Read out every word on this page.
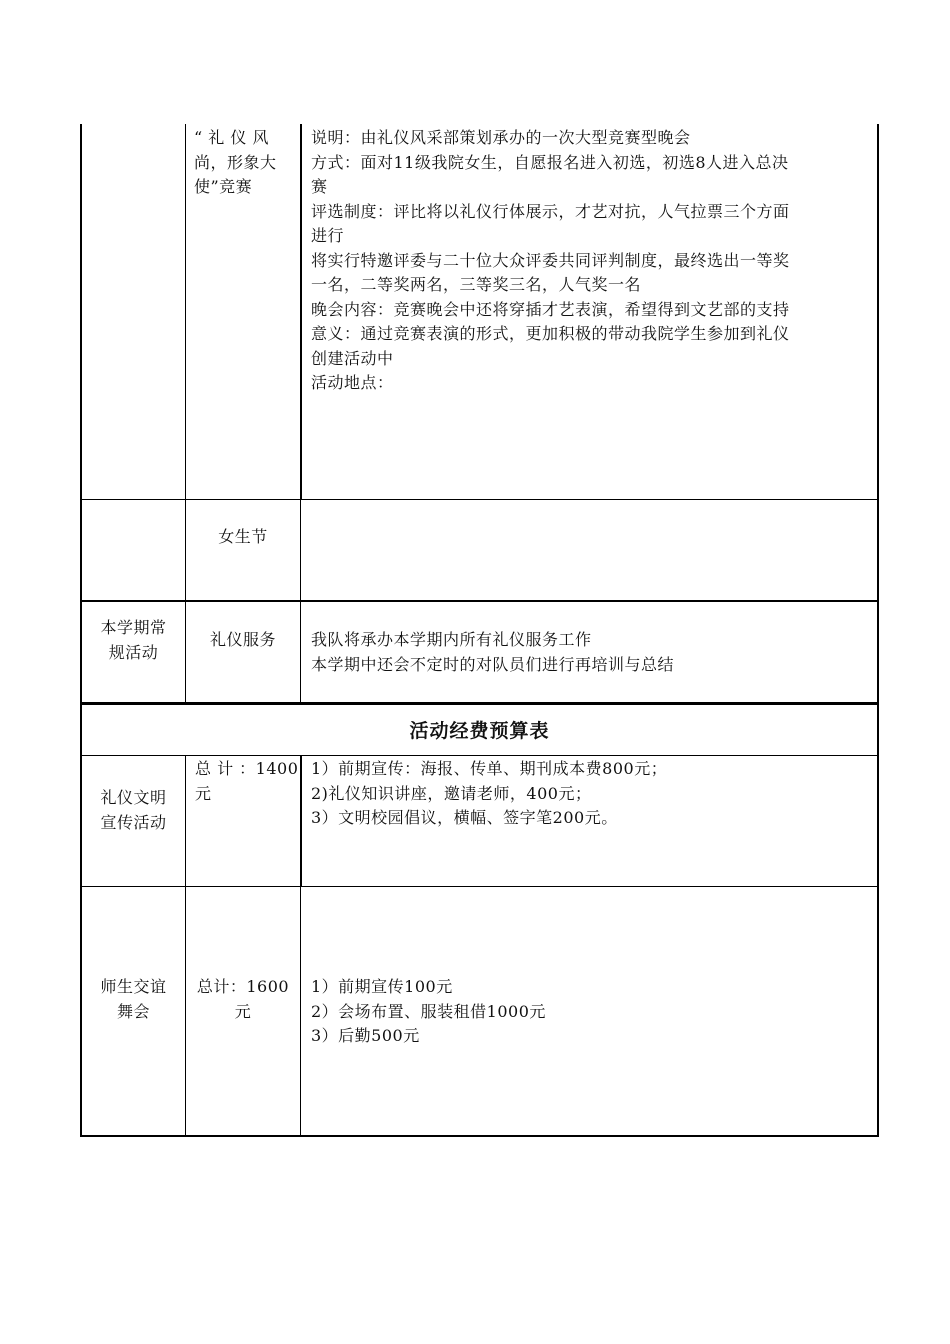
“ 礼 仪 风
尚，形象大
使”竞赛
说明：由礼仪风采部策划承办的一次大型竞赛型晚会
方式：面对11级我院女生，自愿报名进入初选，初选8人进入总决
赛
评选制度：评比将以礼仪行体展示，才艺对抗，人气拉票三个方面
进行
将实行特邀评委与二十位大众评委共同评判制度，最终选出一等奖
一名，二等奖两名，三等奖三名，人气奖一名
晚会内容：竞赛晚会中还将穿插才艺表演，希望得到文艺部的支持
意义：通过竞赛表演的形式，更加积极的带动我院学生参加到礼仪
创建活动中
活动地点：
女生节
本学期常
规活动
礼仪服务	我队将承办本学期内所有礼仪服务工作
本学期中还会不定时的对队员们进行再培训与总结
活动经费预算表
礼仪文明
宣传活动
总 计 ：1400
元
1）前期宣传：海报、传单、期刊成本费800元；
2)礼仪知识讲座，邀请老师，400元；
3）文明校园倡议，横幅、签字笔200元。
师生交谊
舞会
总计：1600
元
1）前期宣传100元
2）会场布置、服装租借1000元
3）后勤500元
